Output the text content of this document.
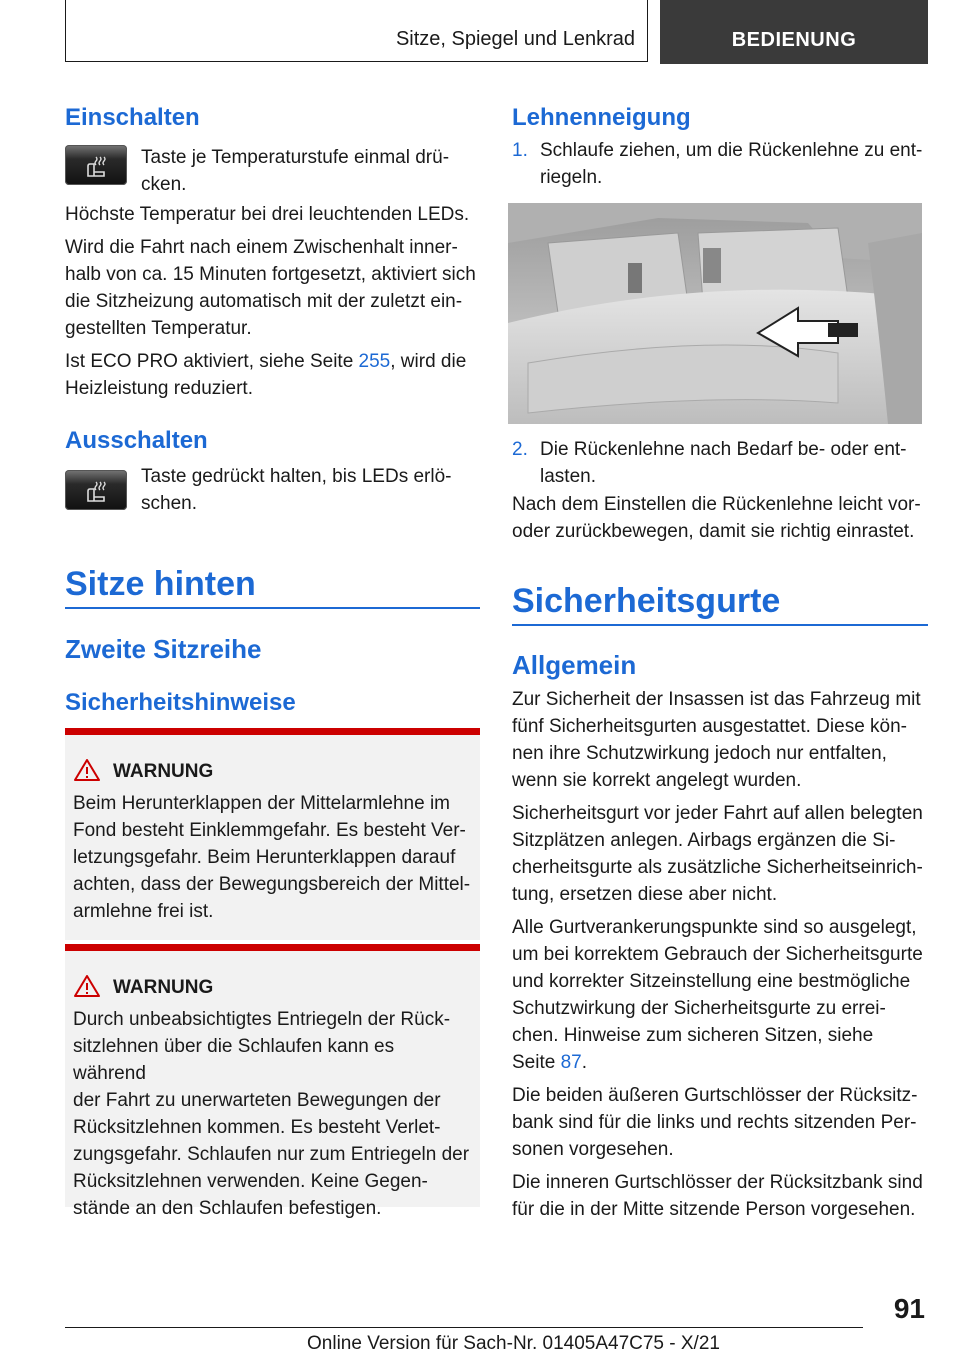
Sitze, Spiegel und Lenkrad	BEDIENUNG
Einschalten
Taste je Temperaturstufe einmal drü-
cken.
Höchste Temperatur bei drei leuchtenden LEDs.
Wird die Fahrt nach einem Zwischenhalt inner-
halb von ca. 15 Minuten fortgesetzt, aktiviert sich
die Sitzheizung automatisch mit der zuletzt ein-
gestellten Temperatur.
Ist ECO PRO aktiviert, siehe Seite 255, wird die
Heizleistung reduziert.
Ausschalten
Taste gedrückt halten, bis LEDs erlö-
schen.
Sitze hinten
Zweite Sitzreihe
Sicherheitshinweise
WARNUNG
Beim Herunterklappen der Mittelarmlehne im
Fond besteht Einklemmgefahr. Es besteht Ver-
letzungsgefahr. Beim Herunterklappen darauf
achten, dass der Bewegungsbereich der Mittel-
armlehne frei ist.
WARNUNG
Durch unbeabsichtigtes Entriegeln der Rück-
sitzlehnen über die Schlaufen kann es während
der Fahrt zu unerwarteten Bewegungen der
Rücksitzlehnen kommen. Es besteht Verlet-
zungsgefahr. Schlaufen nur zum Entriegeln der
Rücksitzlehnen verwenden. Keine Gegen-
stände an den Schlaufen befestigen.
Lehnenneigung
1. Schlaufe ziehen, um die Rückenlehne zu ent-
riegeln.
2. Die Rückenlehne nach Bedarf be- oder ent-
lasten.
Nach dem Einstellen die Rückenlehne leicht vor-
oder zurückbewegen, damit sie richtig einrastet.
Sicherheitsgurte
Allgemein
Zur Sicherheit der Insassen ist das Fahrzeug mit
fünf Sicherheitsgurten ausgestattet. Diese kön-
nen ihre Schutzwirkung jedoch nur entfalten,
wenn sie korrekt angelegt wurden.
Sicherheitsgurt vor jeder Fahrt auf allen belegten
Sitzplätzen anlegen. Airbags ergänzen die Si-
cherheitsgurte als zusätzliche Sicherheitseinrich-
tung, ersetzen diese aber nicht.
Alle Gurtverankerungspunkte sind so ausgelegt,
um bei korrektem Gebrauch der Sicherheitsgurte
und korrekter Sitzeinstellung eine bestmögliche
Schutzwirkung der Sicherheitsgurte zu errei-
chen. Hinweise zum sicheren Sitzen, siehe
Seite 87.
Die beiden äußeren Gurtschlösser der Rücksitz-
bank sind für die links und rechts sitzenden Per-
sonen vorgesehen.
Die inneren Gurtschlösser der Rücksitzbank sind
für die in der Mitte sitzende Person vorgesehen.
91
Online Version für Sach-Nr. 01405A47C75 - X/21
